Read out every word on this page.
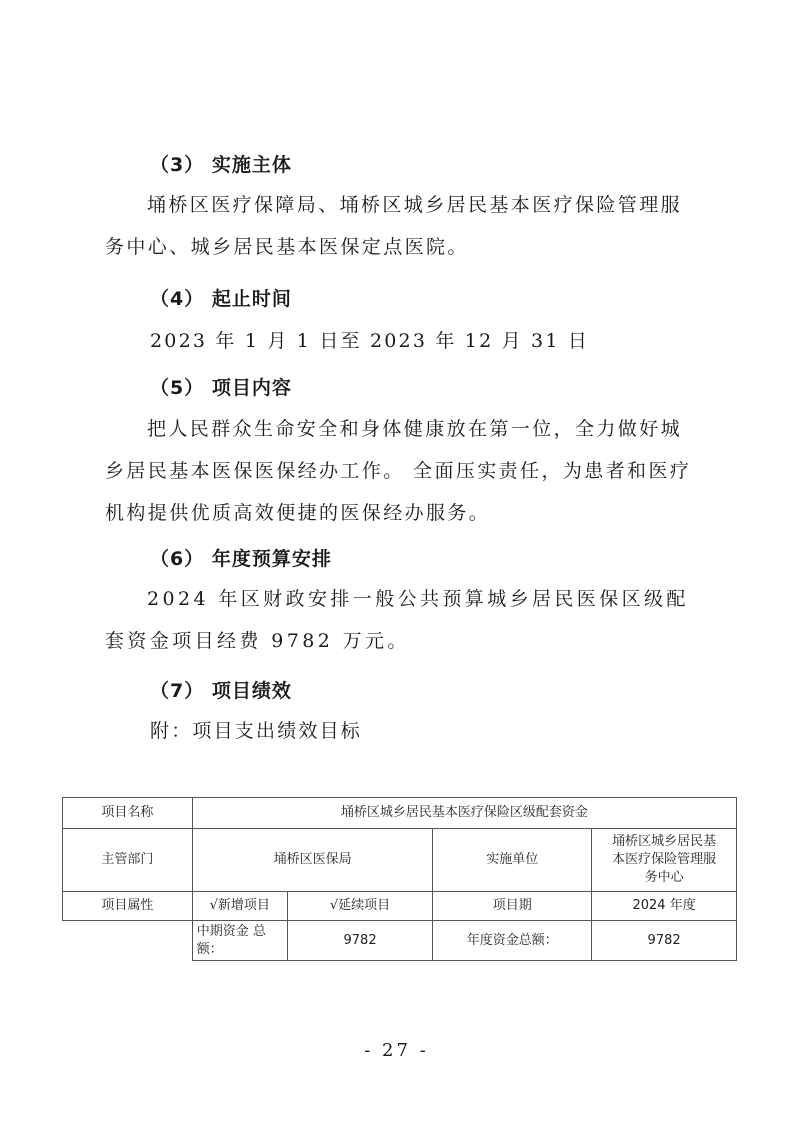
（3） 实施主体

埇桥区医疗保障局、埇桥区城乡居民基本医疗保险管理服务中心、城乡居民基本医保定点医院。

（4） 起止时间

2023 年 1 月 1 日至 2023 年 12 月 31 日

（5） 项目内容

把人民群众生命安全和身体健康放在第一位，全力做好城乡居民基本医保医保经办工作。 全面压实责任，为患者和医疗机构提供优质高效便捷的医保经办服务。

（6） 年度预算安排

2024 年区财政安排一般公共预算城乡居民医保区级配套资金项目经费 9782 万元。

（7） 项目绩效

附：项目支出绩效目标

项目名称	埇桥区城乡居民基本医疗保险区级配套资金			
主管部门	埇桥区医保局		实施单位	埇桥区城乡居民基本医疗保险管理服务中心
项目属性	√新增项目	√延续项目	项目期	2024 年度
	中期资金 总额：	9782	年度资金总额：	9782

- 27 -
